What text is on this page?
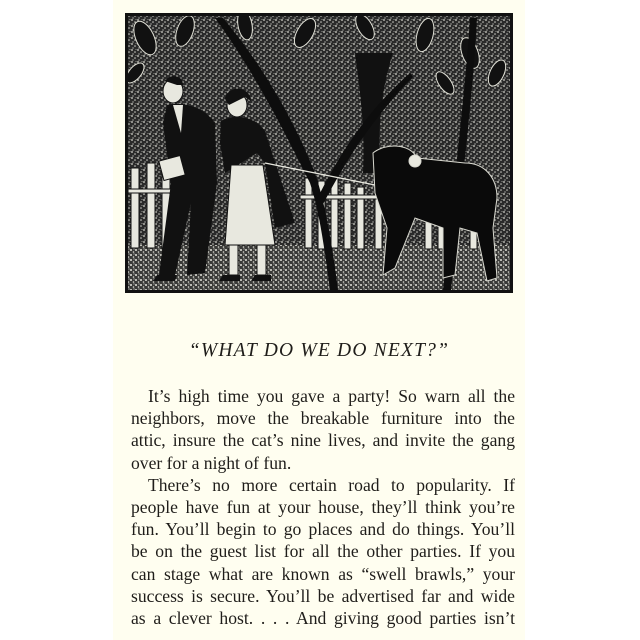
“WHAT DO WE DO NEXT?”
It’s high time you gave a party! So warn all the
neighbors, move the breakable furniture into the
attic, insure the cat’s nine lives, and invite the gang
over for a night of fun.
There’s no more certain road to popularity. If
people have fun at your house, they’ll think you’re
fun. You’ll begin to go places and do things. You’ll
be on the guest list for all the other parties. If you
can stage what are known as “swell brawls,” your
success is secure. You’ll be advertised far and wide
as a clever host. . . . And giving good parties isn’t
